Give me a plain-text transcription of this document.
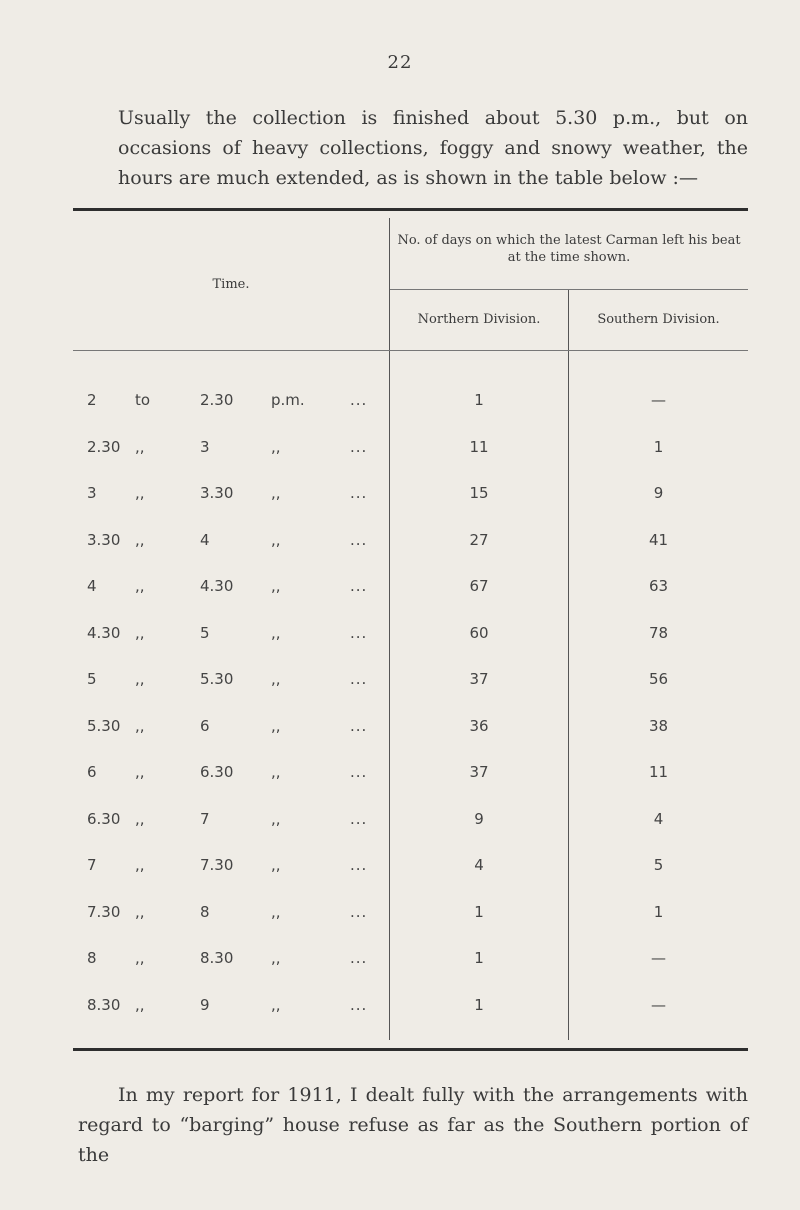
22

Usually the collection is finished about 5.30 p.m., but on occasions of heavy collections, foggy and snowy weather, the hours are much extended, as is shown in the table below :—

Time.
No. of days on which the latest Carman left his beat at the time shown.
Northern Division.	Southern Division.
2	to	2.30	p.m.	...	1	—
2.30 ,,	3	,,	...	11	1
3	,,	3.30	,,	...	15	9
3.30 ,,	4	,,	...	27	41
4	,,	4.30	,,	...	67	63
4.30 ,,	5	,,	...	60	78
5	,,	5.30	,,	...	37	56
5.30 ,,	6	,,	...	36	38
6	,,	6.30	,,	...	37	11
6.30 ,,	7	,,	...	9	4
7	,,	7.30	,,	...	4	5
7.30 ,,	8	,,	...	1	1
8	,,	8.30	,,	...	1	—
8.30 ,,	9	,,	...	1	—

In my report for 1911, I dealt fully with the arrangements with
regard to “barging” house refuse as far as the Southern portion of the
